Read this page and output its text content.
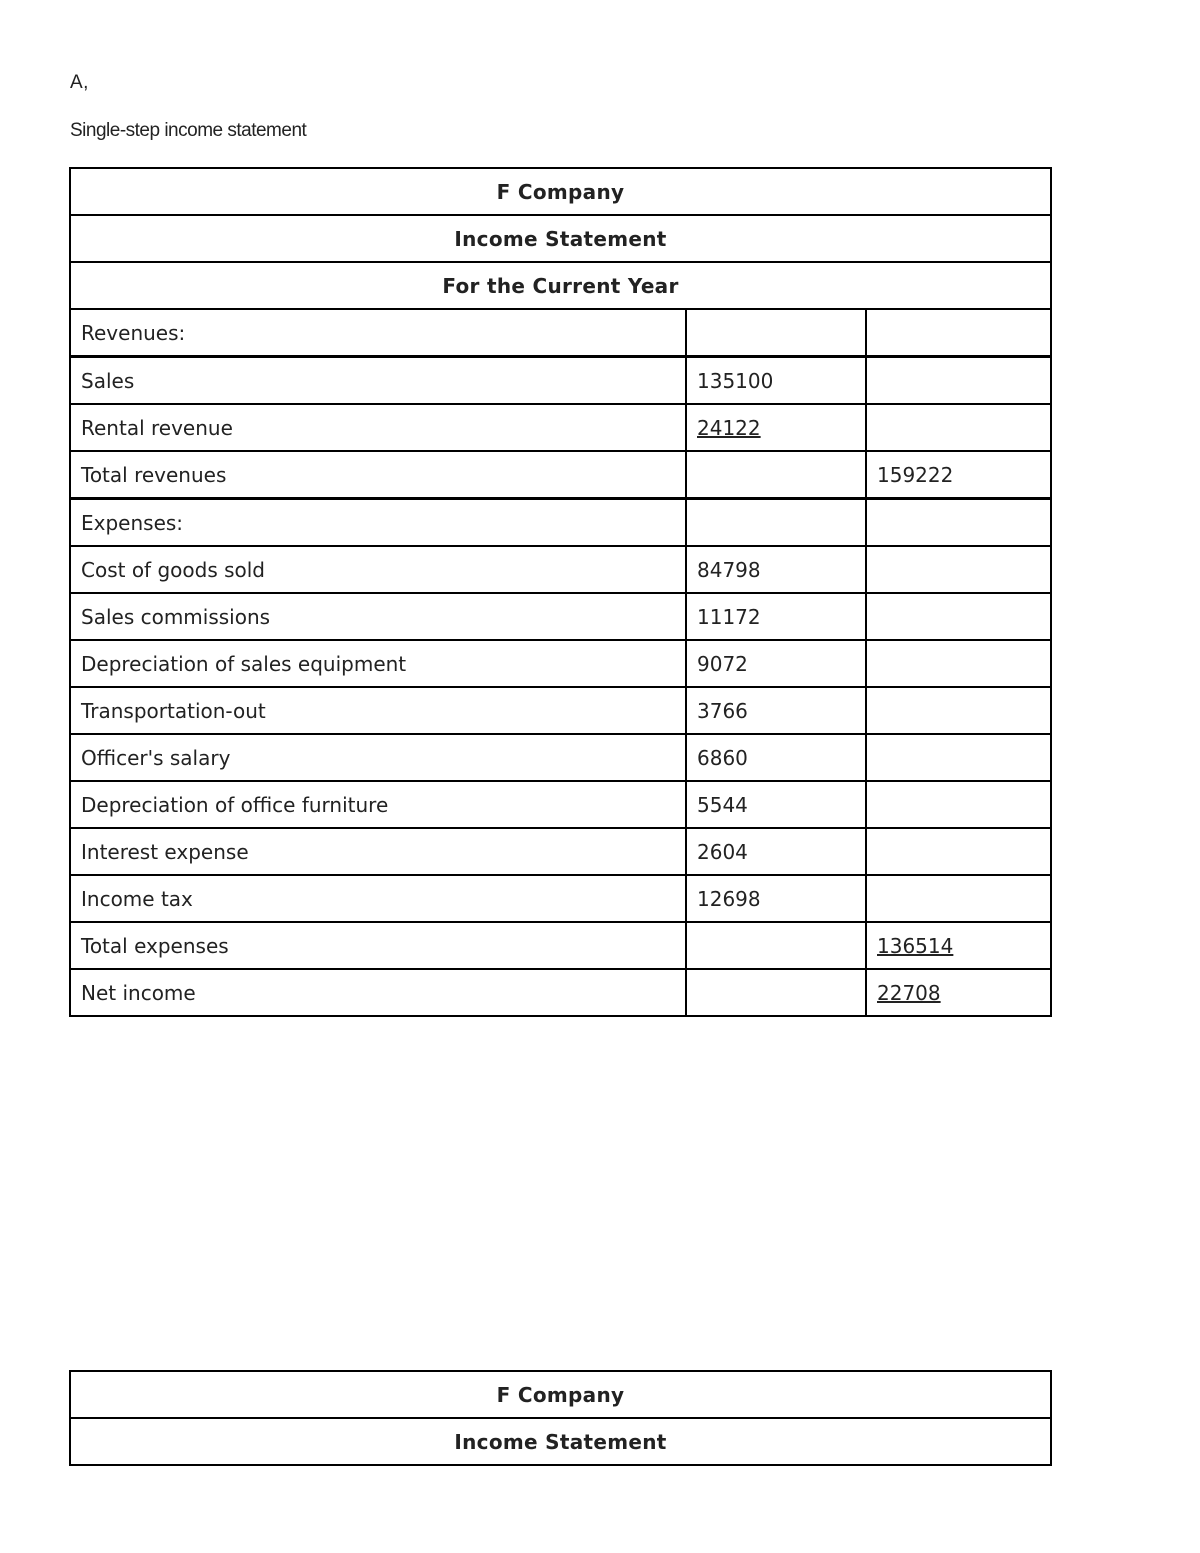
A,
Single-step income statement
F Company		
Income Statement		
For the Current Year		
Revenues:		
Sales	135100	
Rental revenue	24122	
Total revenues		159222
Expenses:		
Cost of goods sold	84798	
Sales commissions	11172	
Depreciation of sales equipment	9072	
Transportation-out	3766	
Officer's salary	6860	
Depreciation of office furniture	5544	
Interest expense	2604	
Income tax	12698	
Total expenses		136514
Net income		22708
F Company
Income Statement
